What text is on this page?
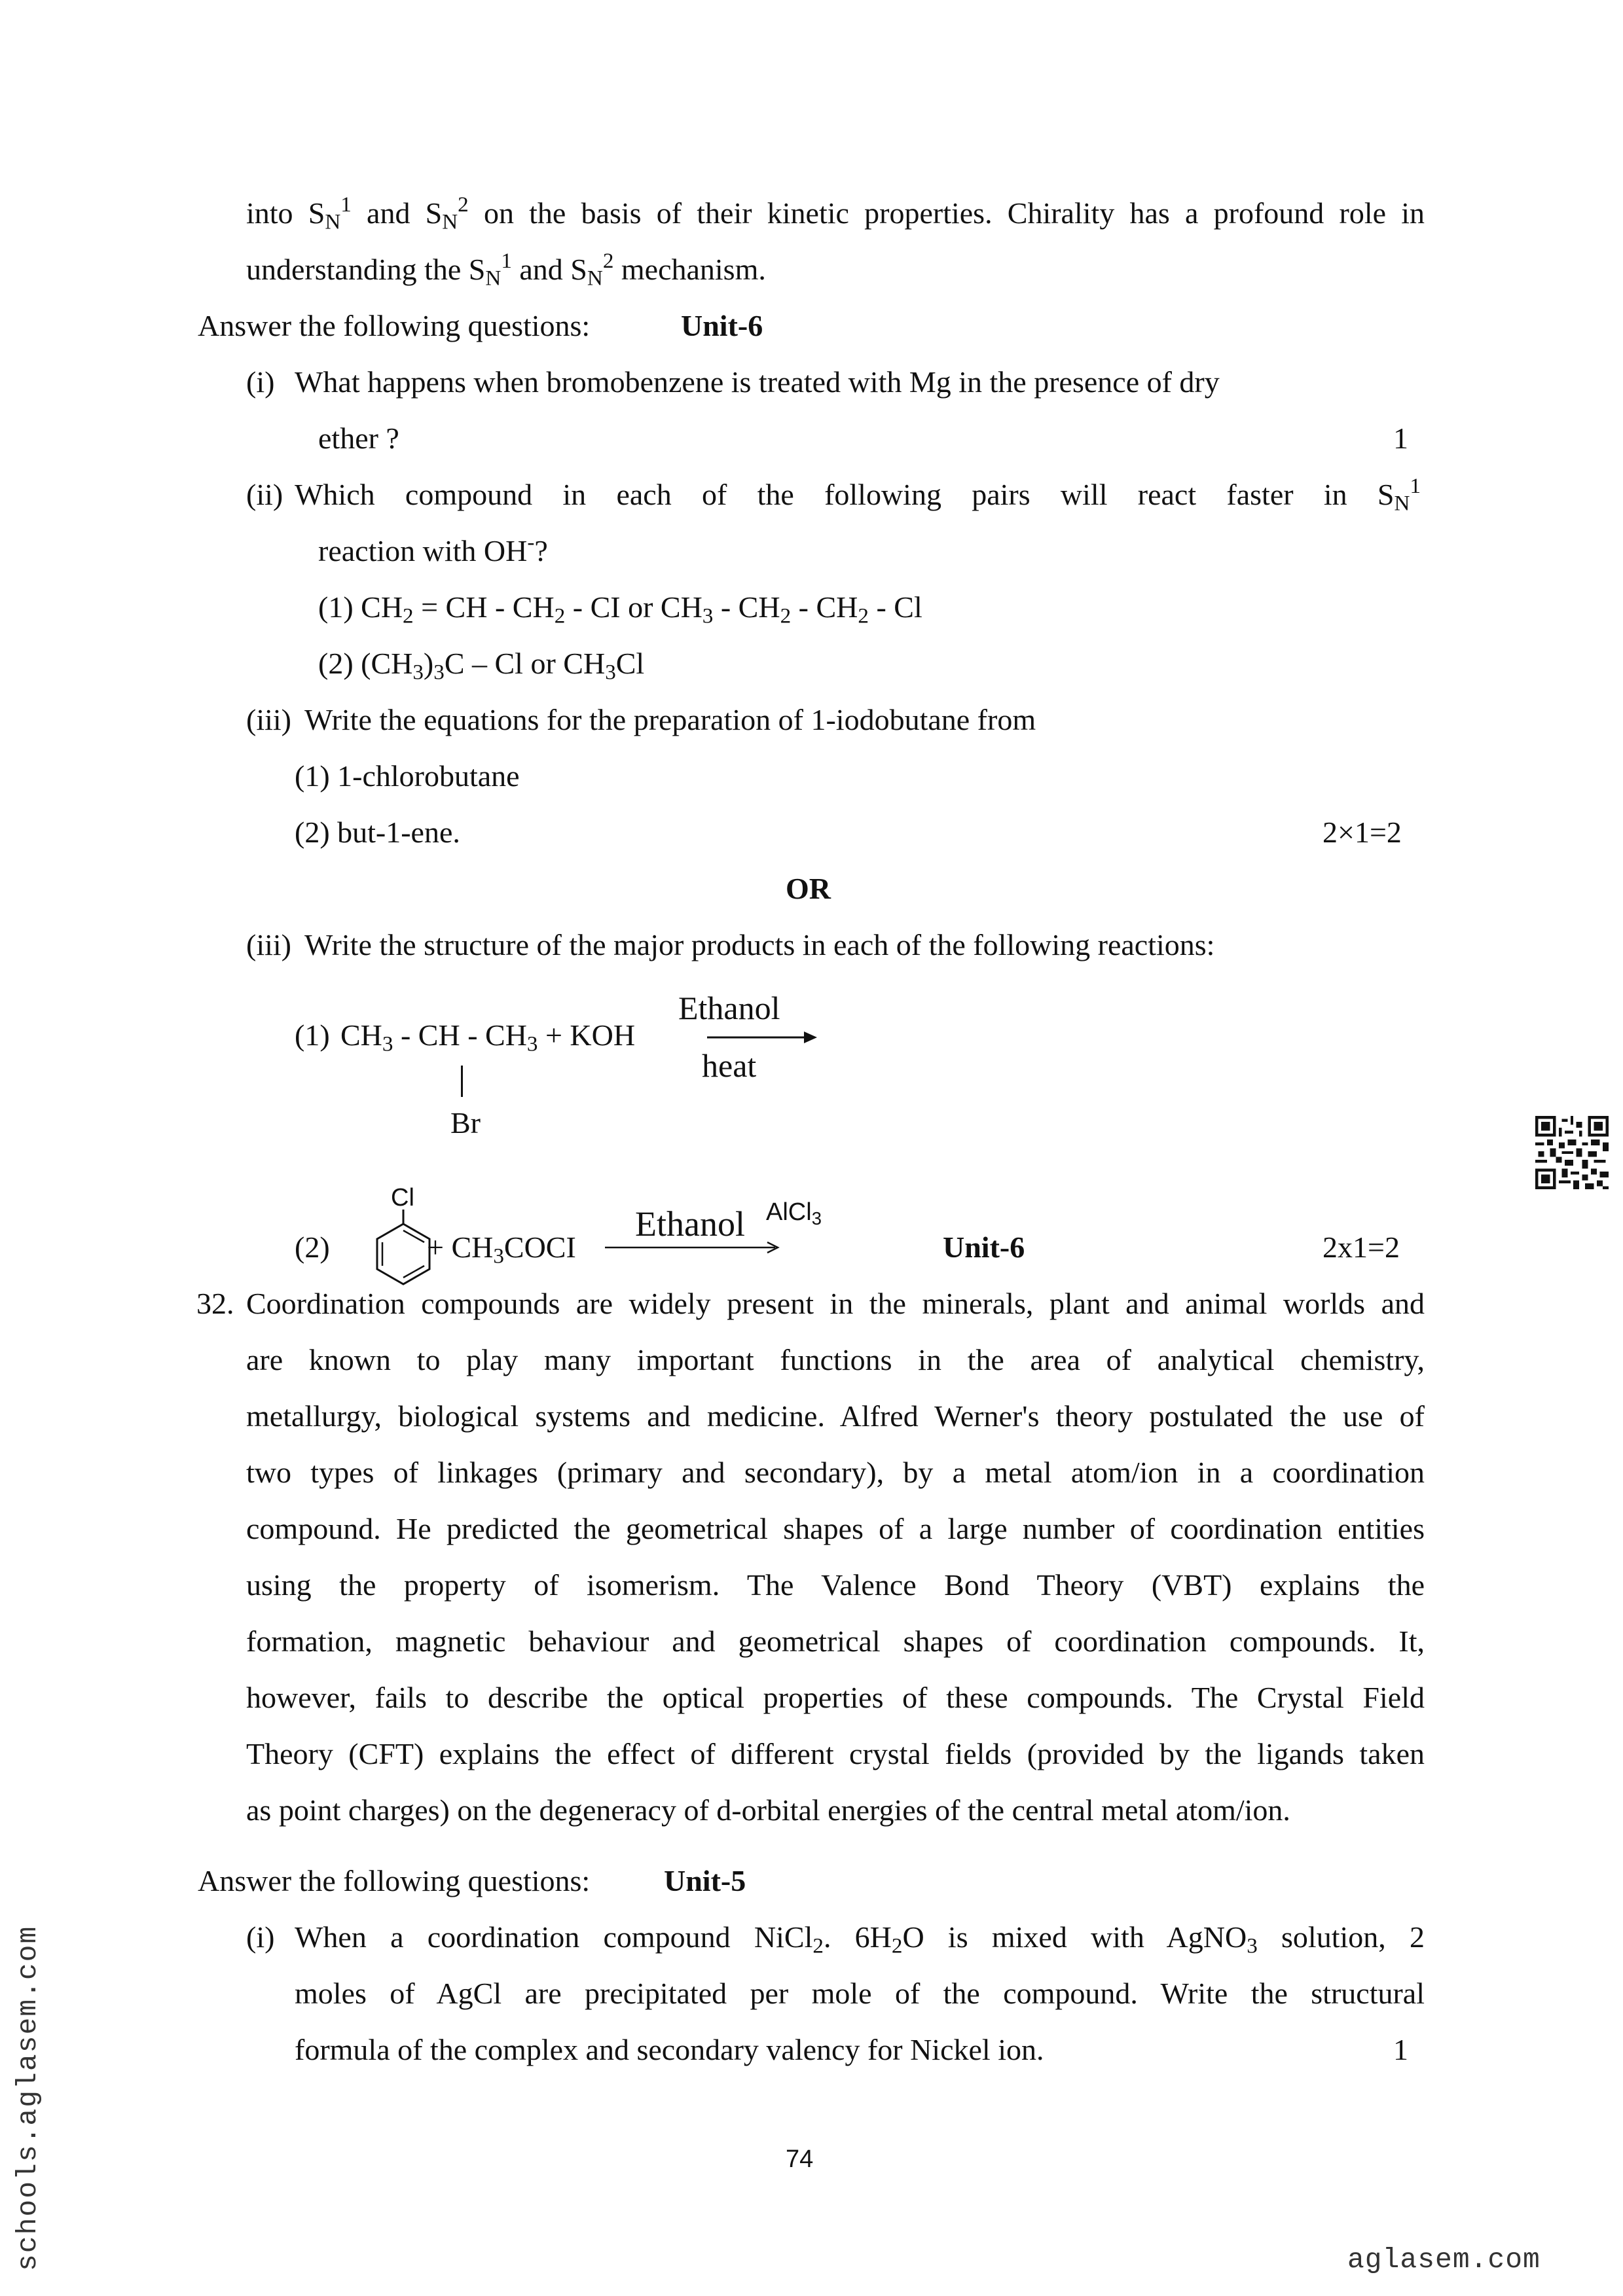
into $S_N^1$ and $S_N^2$ on the basis of their kinetic properties. Chirality has a profound role in
understanding the $S_N^1$ and $S_N^2$ mechanism.
Answer the following questions:	Unit-6
(i) What happens when bromobenzene is treated with Mg in the presence of dry
ether ?	1
(ii) Which compound in each of the following pairs will react faster in $S_N^1$
reaction with OH-?
(1) $CH_2$ = CH - $CH_2$ - CI or $CH_3 - CH_2 - CH_2$ - Cl
(2) $(CH_3)_3C$ – Cl or $CH_3Cl$
(iii) Write the equations for the preparation of 1-iodobutane from
(1) 1-chlorobutane
(2) but-1-ene.	2×1=2
OR
(iii) Write the structure of the major products in each of the following reactions:
(1) $CH_3$ - CH - $CH_3$ + KOH
Br
Ethanol
heat
Cl
(2)	+ $CH_3COCI$
Ethanol AlCl$_3$
Unit-6	2x1=2
32. Coordination compounds are widely present in the minerals, plant and animal worlds and
are known to play many important functions in the area of analytical chemistry,
metallurgy, biological systems and medicine. Alfred Werner's theory postulated the use of
two types of linkages (primary and secondary), by a metal atom/ion in a coordination
compound. He predicted the geometrical shapes of a large number of coordination entities
using the property of isomerism. The Valence Bond Theory (VBT) explains the
formation, magnetic behaviour and geometrical shapes of coordination compounds. It,
however, fails to describe the optical properties of these compounds. The Crystal Field
Theory (CFT) explains the effect of different crystal fields (provided by the ligands taken
as point charges) on the degeneracy of d-orbital energies of the central metal atom/ion.
Answer the following questions: Unit-5
(i) When a coordination compound NiCl$_2$. $6H_2O$ is mixed with AgNO$_3$ solution, 2
moles of AgCl are precipitated per mole of the compound. Write the structural
formula of the complex and secondary valency for Nickel ion.	1
74
schools.aglasem.com	aglasem.com
